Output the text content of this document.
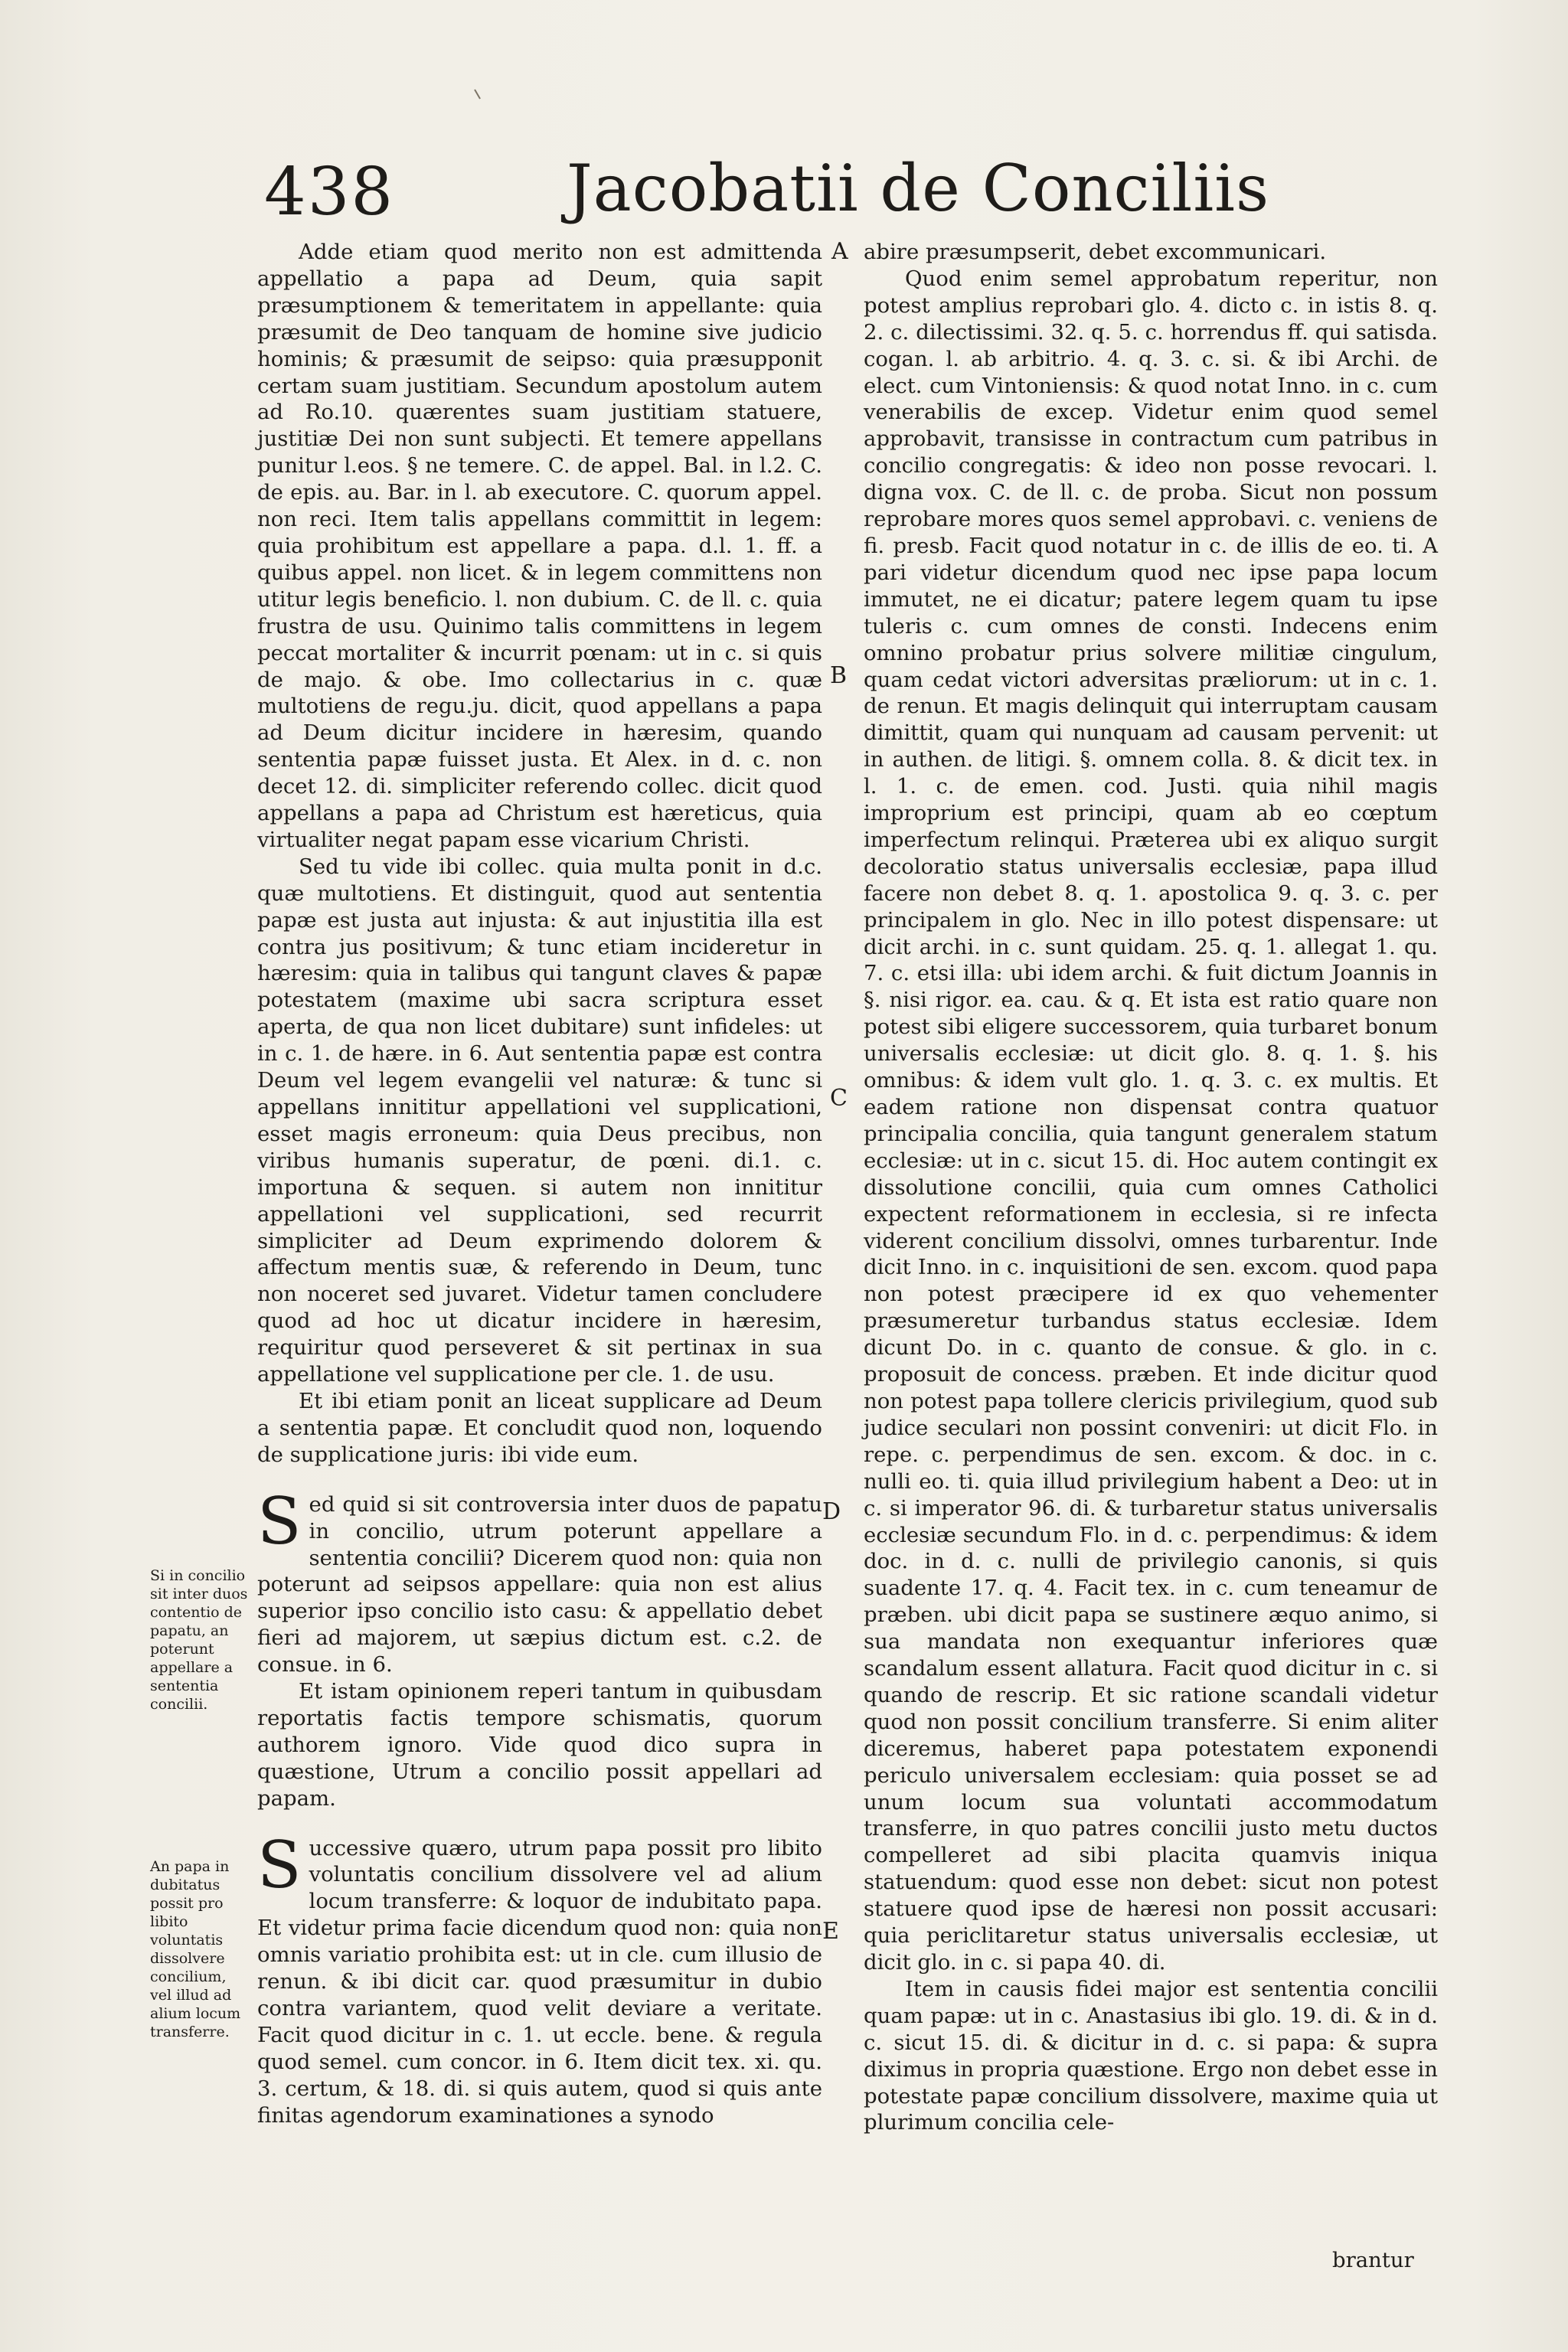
438	Jacobatii de Conciliis
A
B
C
D
E
Si in concilio sit inter duos contentio de papatu, an poterunt appellare a sententia concilii.
An papa in dubitatus possit pro libito voluntatis dissolvere concilium, vel illud ad alium locum transferre.

Adde etiam quod merito non est admittenda appellatio a papa ad Deum, quia sapit præsumptionem & temeritatem in appellante: quia præsumit de Deo tanquam de homine sive judicio hominis; & præsumit de seipso: quia præsupponit certam suam justitiam. Secundum apostolum autem ad Ro.10. quærentes suam justitiam statuere, justitiæ Dei non sunt subjecti. Et temere appellans punitur l.eos. § ne temere. C. de appel. Bal. in l.2. C. de epis. au. Bar. in l. ab executore. C. quorum appel. non reci. Item talis appellans committit in legem: quia prohibitum est appellare a papa. d.l. 1. ff. a quibus appel. non licet. & in legem committens non utitur legis beneficio. l. non dubium. C. de ll. c. quia frustra de usu. Quinimo talis committens in legem peccat mortaliter & incurrit pœnam: ut in c. si quis de majo. & obe. Imo collectarius in c. quæ multotiens de regu.ju. dicit, quod appellans a papa ad Deum dicitur incidere in hæresim, quando sententia papæ fuisset justa. Et Alex. in d. c. non decet 12. di. simpliciter referendo collec. dicit quod appellans a papa ad Christum est hæreticus, quia virtualiter negat papam esse vicarium Christi.

Sed tu vide ibi collec. quia multa ponit in d.c. quæ multotiens. Et distinguit, quod aut sententia papæ est justa aut injusta: & aut injustitia illa est contra jus positivum; & tunc etiam incideretur in hæresim: quia in talibus qui tangunt claves & papæ potestatem (maxime ubi sacra scriptura esset aperta, de qua non licet dubitare) sunt infideles: ut in c. 1. de hære. in 6. Aut sententia papæ est contra Deum vel legem evangelii vel naturæ: & tunc si appellans innititur appellationi vel supplicationi, esset magis erroneum: quia Deus precibus, non viribus humanis superatur, de pœni. di.1. c. importuna & sequen. si autem non innititur appellationi vel supplicationi, sed recurrit simpliciter ad Deum exprimendo dolorem & affectum mentis suæ, & referendo in Deum, tunc non noceret sed juvaret. Videtur tamen concludere quod ad hoc ut dicatur incidere in hæresim, requiritur quod perseveret & sit pertinax in sua appellatione vel supplicatione per cle. 1. de usu.

Et ibi etiam ponit an liceat supplicare ad Deum a sententia papæ. Et concludit quod non, loquendo de supplicatione juris: ibi vide eum.

Sed quid si sit controversia inter duos de papatu in concilio, utrum poterunt appellare a sententia concilii? Dicerem quod non: quia non poterunt ad seipsos appellare: quia non est alius superior ipso concilio isto casu: & appellatio debet fieri ad majorem, ut sæpius dictum est. c.2. de consue. in 6.

Et istam opinionem reperi tantum in quibusdam reportatis factis tempore schismatis, quorum authorem ignoro. Vide quod dico supra in quæstione, Utrum a concilio possit appellari ad papam.

Successive quæro, utrum papa possit pro libito voluntatis concilium dissolvere vel ad alium locum transferre: & loquor de indubitato papa. Et videtur prima facie dicendum quod non: quia non omnis variatio prohibita est: ut in cle. cum illusio de renun. & ibi dicit car. quod præsumitur in dubio contra variantem, quod velit deviare a veritate. Facit quod dicitur in c. 1. ut eccle. bene. & regula quod semel. cum concor. in 6. Item dicit tex. xi. qu. 3. certum, & 18. di. si quis autem, quod si quis ante finitas agendorum examinationes a synodo

abire præsumpserit, debet excommunicari.

Quod enim semel approbatum reperitur, non potest amplius reprobari glo. 4. dicto c. in istis 8. q. 2. c. dilectissimi. 32. q. 5. c. horrendus ff. qui satisda. cogan. l. ab arbitrio. 4. q. 3. c. si. & ibi Archi. de elect. cum Vintoniensis: & quod notat Inno. in c. cum venerabilis de excep. Videtur enim quod semel approbavit, transisse in contractum cum patribus in concilio congregatis: & ideo non posse revocari. l. digna vox. C. de ll. c. de proba. Sicut non possum reprobare mores quos semel approbavi. c. veniens de fi. presb. Facit quod notatur in c. de illis de eo. ti. A pari videtur dicendum quod nec ipse papa locum immutet, ne ei dicatur; patere legem quam tu ipse tuleris c. cum omnes de consti. Indecens enim omnino probatur prius solvere militiæ cingulum, quam cedat victori adversitas præliorum: ut in c. 1. de renun. Et magis delinquit qui interruptam causam dimittit, quam qui nunquam ad causam pervenit: ut in authen. de litigi. §. omnem colla. 8. & dicit tex. in l. 1. c. de emen. cod. Justi. quia nihil magis improprium est principi, quam ab eo cœptum imperfectum relinqui. Præterea ubi ex aliquo surgit decoloratio status universalis ecclesiæ, papa illud facere non debet 8. q. 1. apostolica 9. q. 3. c. per principalem in glo. Nec in illo potest dispensare: ut dicit archi. in c. sunt quidam. 25. q. 1. allegat 1. qu. 7. c. etsi illa: ubi idem archi. & fuit dictum Joannis in §. nisi rigor. ea. cau. & q. Et ista est ratio quare non potest sibi eligere successorem, quia turbaret bonum universalis ecclesiæ: ut dicit glo. 8. q. 1. §. his omnibus: & idem vult glo. 1. q. 3. c. ex multis. Et eadem ratione non dispensat contra quatuor principalia concilia, quia tangunt generalem statum ecclesiæ: ut in c. sicut 15. di. Hoc autem contingit ex dissolutione concilii, quia cum omnes Catholici expectent reformationem in ecclesia, si re infecta viderent concilium dissolvi, omnes turbarentur. Inde dicit Inno. in c. inquisitioni de sen. excom. quod papa non potest præcipere id ex quo vehementer præsumeretur turbandus status ecclesiæ. Idem dicunt Do. in c. quanto de consue. & glo. in c. proposuit de concess. præben. Et inde dicitur quod non potest papa tollere clericis privilegium, quod sub judice seculari non possint conveniri: ut dicit Flo. in repe. c. perpendimus de sen. excom. & doc. in c. nulli eo. ti. quia illud privilegium habent a Deo: ut in c. si imperator 96. di. & turbaretur status universalis ecclesiæ secundum Flo. in d. c. perpendimus: & idem doc. in d. c. nulli de privilegio canonis, si quis suadente 17. q. 4. Facit tex. in c. cum teneamur de præben. ubi dicit papa se sustinere æquo animo, si sua mandata non exequantur inferiores quæ scandalum essent allatura. Facit quod dicitur in c. si quando de rescrip. Et sic ratione scandali videtur quod non possit concilium transferre. Si enim aliter diceremus, haberet papa potestatem exponendi periculo universalem ecclesiam: quia posset se ad unum locum sua voluntati accommodatum transferre, in quo patres concilii justo metu ductos compelleret ad sibi placita quamvis iniqua statuendum: quod esse non debet: sicut non potest statuere quod ipse de hæresi non possit accusari: quia periclitaretur status universalis ecclesiæ, ut dicit glo. in c. si papa 40. di.

Item in causis fidei major est sententia concilii quam papæ: ut in c. Anastasius ibi glo. 19. di. & in d. c. sicut 15. di. & dicitur in d. c. si papa: & supra diximus in propria quæstione. Ergo non debet esse in potestate papæ concilium dissolvere, maxime quia ut plurimum concilia cele-

brantur
